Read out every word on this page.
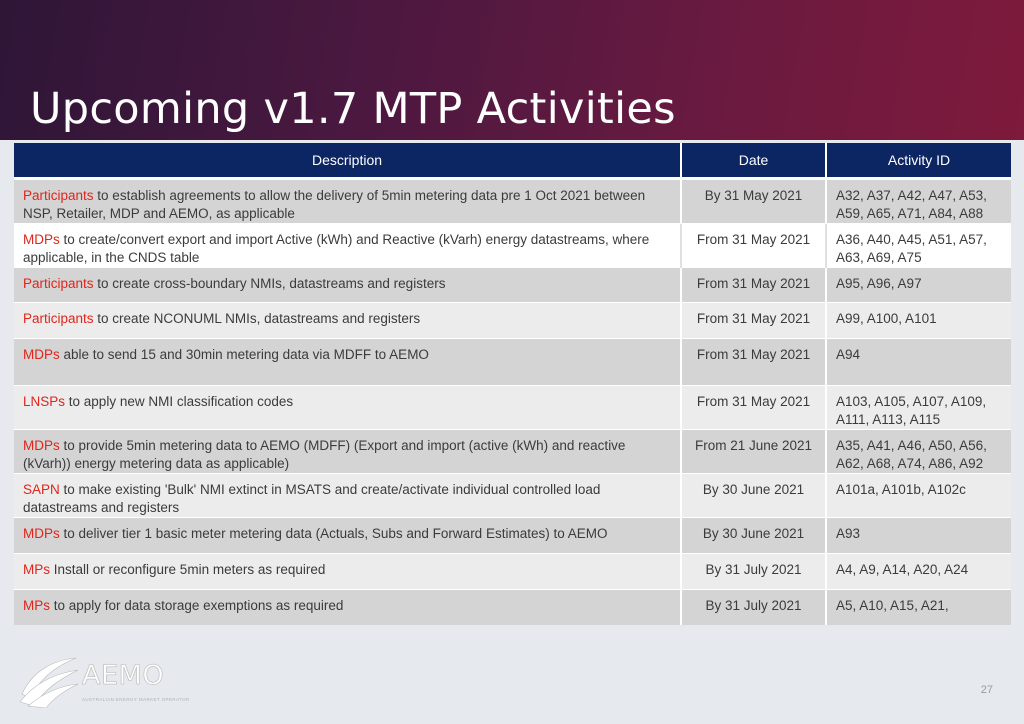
Upcoming v1.7 MTP Activities
Description	Date	Activity ID
Participants to establish agreements to allow the delivery of 5min metering data pre 1 Oct 2021 between NSP, Retailer, MDP and AEMO, as applicable	By 31 May 2021	A32, A37, A42, A47, A53, A59, A65, A71, A84, A88
MDPs to create/convert export and import Active (kWh) and Reactive (kVarh) energy datastreams, where applicable, in the CNDS table	From 31 May 2021	A36, A40, A45, A51, A57, A63, A69, A75
Participants to create cross-boundary NMIs, datastreams and registers	From 31 May 2021	A95, A96, A97
Participants to create NCONUML NMIs, datastreams and registers	From 31 May 2021	A99, A100, A101
MDPs able to send 15 and 30min metering data via MDFF to AEMO	From 31 May 2021	A94
LNSPs to apply new NMI classification codes	From 31 May 2021	A103, A105, A107, A109, A111, A113, A115
MDPs to provide 5min metering data to AEMO (MDFF) (Export and import (active (kWh) and reactive (kVarh)) energy metering data as applicable)	From 21 June 2021	A35, A41, A46, A50, A56, A62, A68, A74, A86, A92
SAPN to make existing 'Bulk' NMI extinct in MSATS and create/activate individual controlled load datastreams and registers	By 30 June 2021	A101a, A101b, A102c
MDPs to deliver tier 1 basic meter metering data (Actuals, Subs and Forward Estimates) to AEMO	By 30 June 2021	A93
MPs Install or reconfigure 5min meters as required	By 31 July 2021	A4, A9, A14, A20, A24
MPs to apply for data storage exemptions as required	By 31 July 2021	A5, A10, A15, A21,
AEMO
AUSTRALIAN ENERGY MARKET OPERATOR
27
